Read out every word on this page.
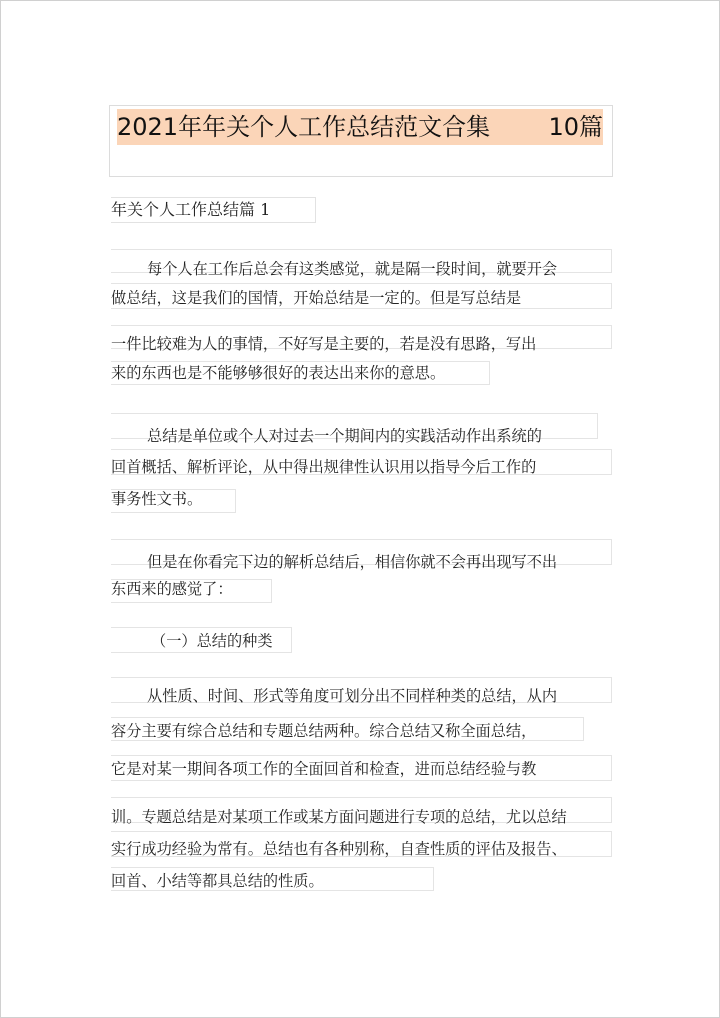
2021年年关个人工作总结范文合集 10篇
年关个人工作总结篇 1
每个人在工作后总会有这类感觉，就是隔一段时间，就要开会
做总结，这是我们的国情，开始总结是一定的。但是写总结是
一件比较难为人的事情，不好写是主要的，若是没有思路，写出
来的东西也是不能够够很好的表达出来你的意思。
总结是单位或个人对过去一个期间内的实践活动作出系统的
回首概括、解析评论，从中得出规律性认识用以指导今后工作的
事务性文书。
但是在你看完下边的解析总结后，相信你就不会再出现写不出
东西来的感觉了：
（一）总结的种类
从性质、时间、形式等角度可划分出不同样种类的总结，从内
容分主要有综合总结和专题总结两种。综合总结又称全面总结，
它是对某一期间各项工作的全面回首和检查，进而总结经验与教
训。专题总结是对某项工作或某方面问题进行专项的总结，尤以总结
实行成功经验为常有。总结也有各种别称，自查性质的评估及报告、
回首、小结等都具总结的性质。
